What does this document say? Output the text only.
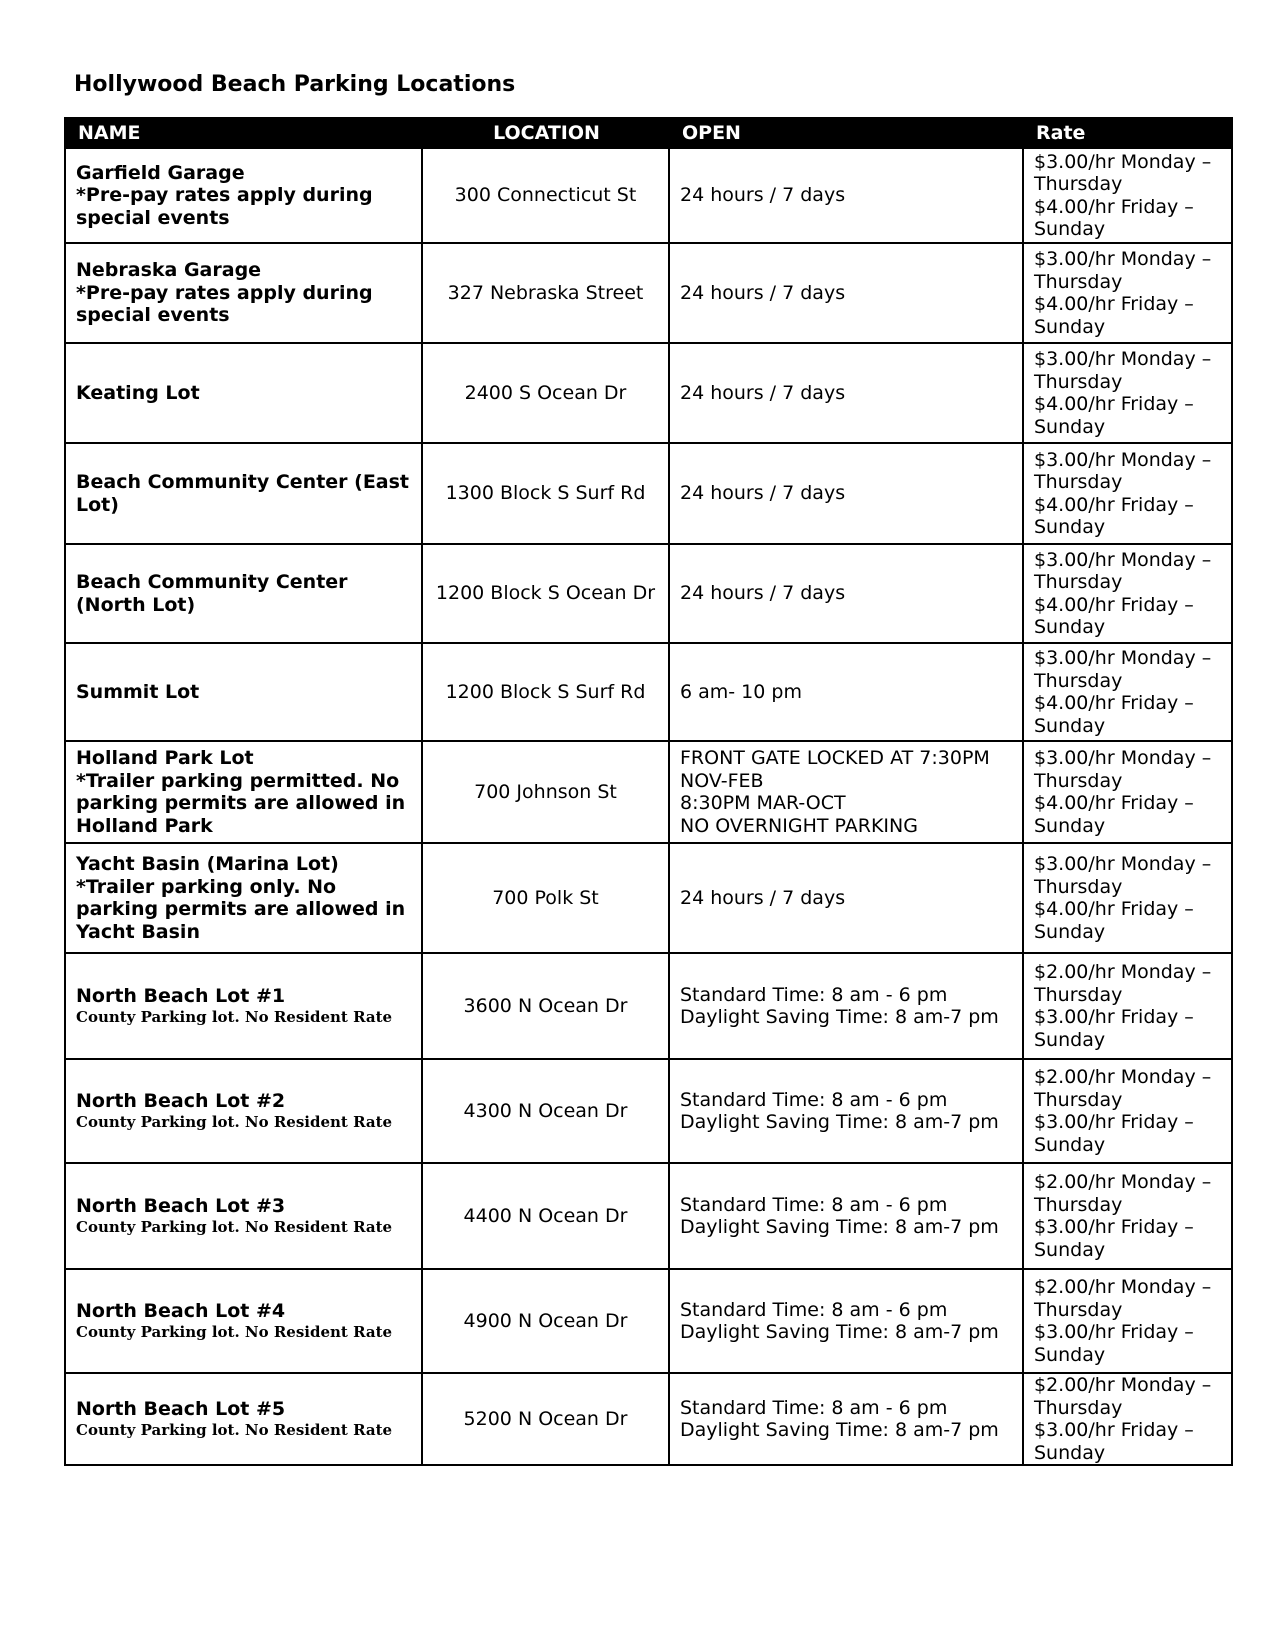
Hollywood Beach Parking Locations
NAME	LOCATION	OPEN	Rate

Garfield Garage
*Pre-pay rates apply during special events	300 Connecticut St	24 hours / 7 days	$3.00/hr Monday – Thursday
$4.00/hr Friday – Sunday

Nebraska Garage
*Pre-pay rates apply during special events	327 Nebraska Street	24 hours / 7 days	$3.00/hr Monday – Thursday
$4.00/hr Friday – Sunday

Keating Lot	2400 S Ocean Dr	24 hours / 7 days	$3.00/hr Monday – Thursday
$4.00/hr Friday – Sunday

Beach Community Center (East Lot)	1300 Block S Surf Rd	24 hours / 7 days	$3.00/hr Monday – Thursday
$4.00/hr Friday – Sunday

Beach Community Center (North Lot)	1200 Block S Ocean Dr	24 hours / 7 days	$3.00/hr Monday – Thursday
$4.00/hr Friday – Sunday

Summit Lot	1200 Block S Surf Rd	6 am- 10 pm	$3.00/hr Monday – Thursday
$4.00/hr Friday – Sunday

Holland Park Lot
*Trailer parking permitted. No parking permits are allowed in Holland Park	700 Johnson St	FRONT GATE LOCKED AT 7:30PM NOV-FEB
8:30PM MAR-OCT
NO OVERNIGHT PARKING	$3.00/hr Monday – Thursday
$4.00/hr Friday – Sunday

Yacht Basin (Marina Lot)
*Trailer parking only. No parking permits are allowed in Yacht Basin	700 Polk St	24 hours / 7 days	$3.00/hr Monday – Thursday
$4.00/hr Friday – Sunday

North Beach Lot #1
County Parking lot. No Resident Rate	3600 N Ocean Dr	Standard Time: 8 am - 6 pm
Daylight Saving Time: 8 am-7 pm	$2.00/hr Monday – Thursday
$3.00/hr Friday – Sunday

North Beach Lot #2
County Parking lot. No Resident Rate	4300 N Ocean Dr	Standard Time: 8 am - 6 pm
Daylight Saving Time: 8 am-7 pm	$2.00/hr Monday – Thursday
$3.00/hr Friday – Sunday

North Beach Lot #3
County Parking lot. No Resident Rate	4400 N Ocean Dr	Standard Time: 8 am - 6 pm
Daylight Saving Time: 8 am-7 pm	$2.00/hr Monday – Thursday
$3.00/hr Friday – Sunday

North Beach Lot #4
County Parking lot. No Resident Rate	4900 N Ocean Dr	Standard Time: 8 am - 6 pm
Daylight Saving Time: 8 am-7 pm	$2.00/hr Monday – Thursday
$3.00/hr Friday – Sunday

North Beach Lot #5
County Parking lot. No Resident Rate	5200 N Ocean Dr	Standard Time: 8 am - 6 pm
Daylight Saving Time: 8 am-7 pm	$2.00/hr Monday – Thursday
$3.00/hr Friday – Sunday
